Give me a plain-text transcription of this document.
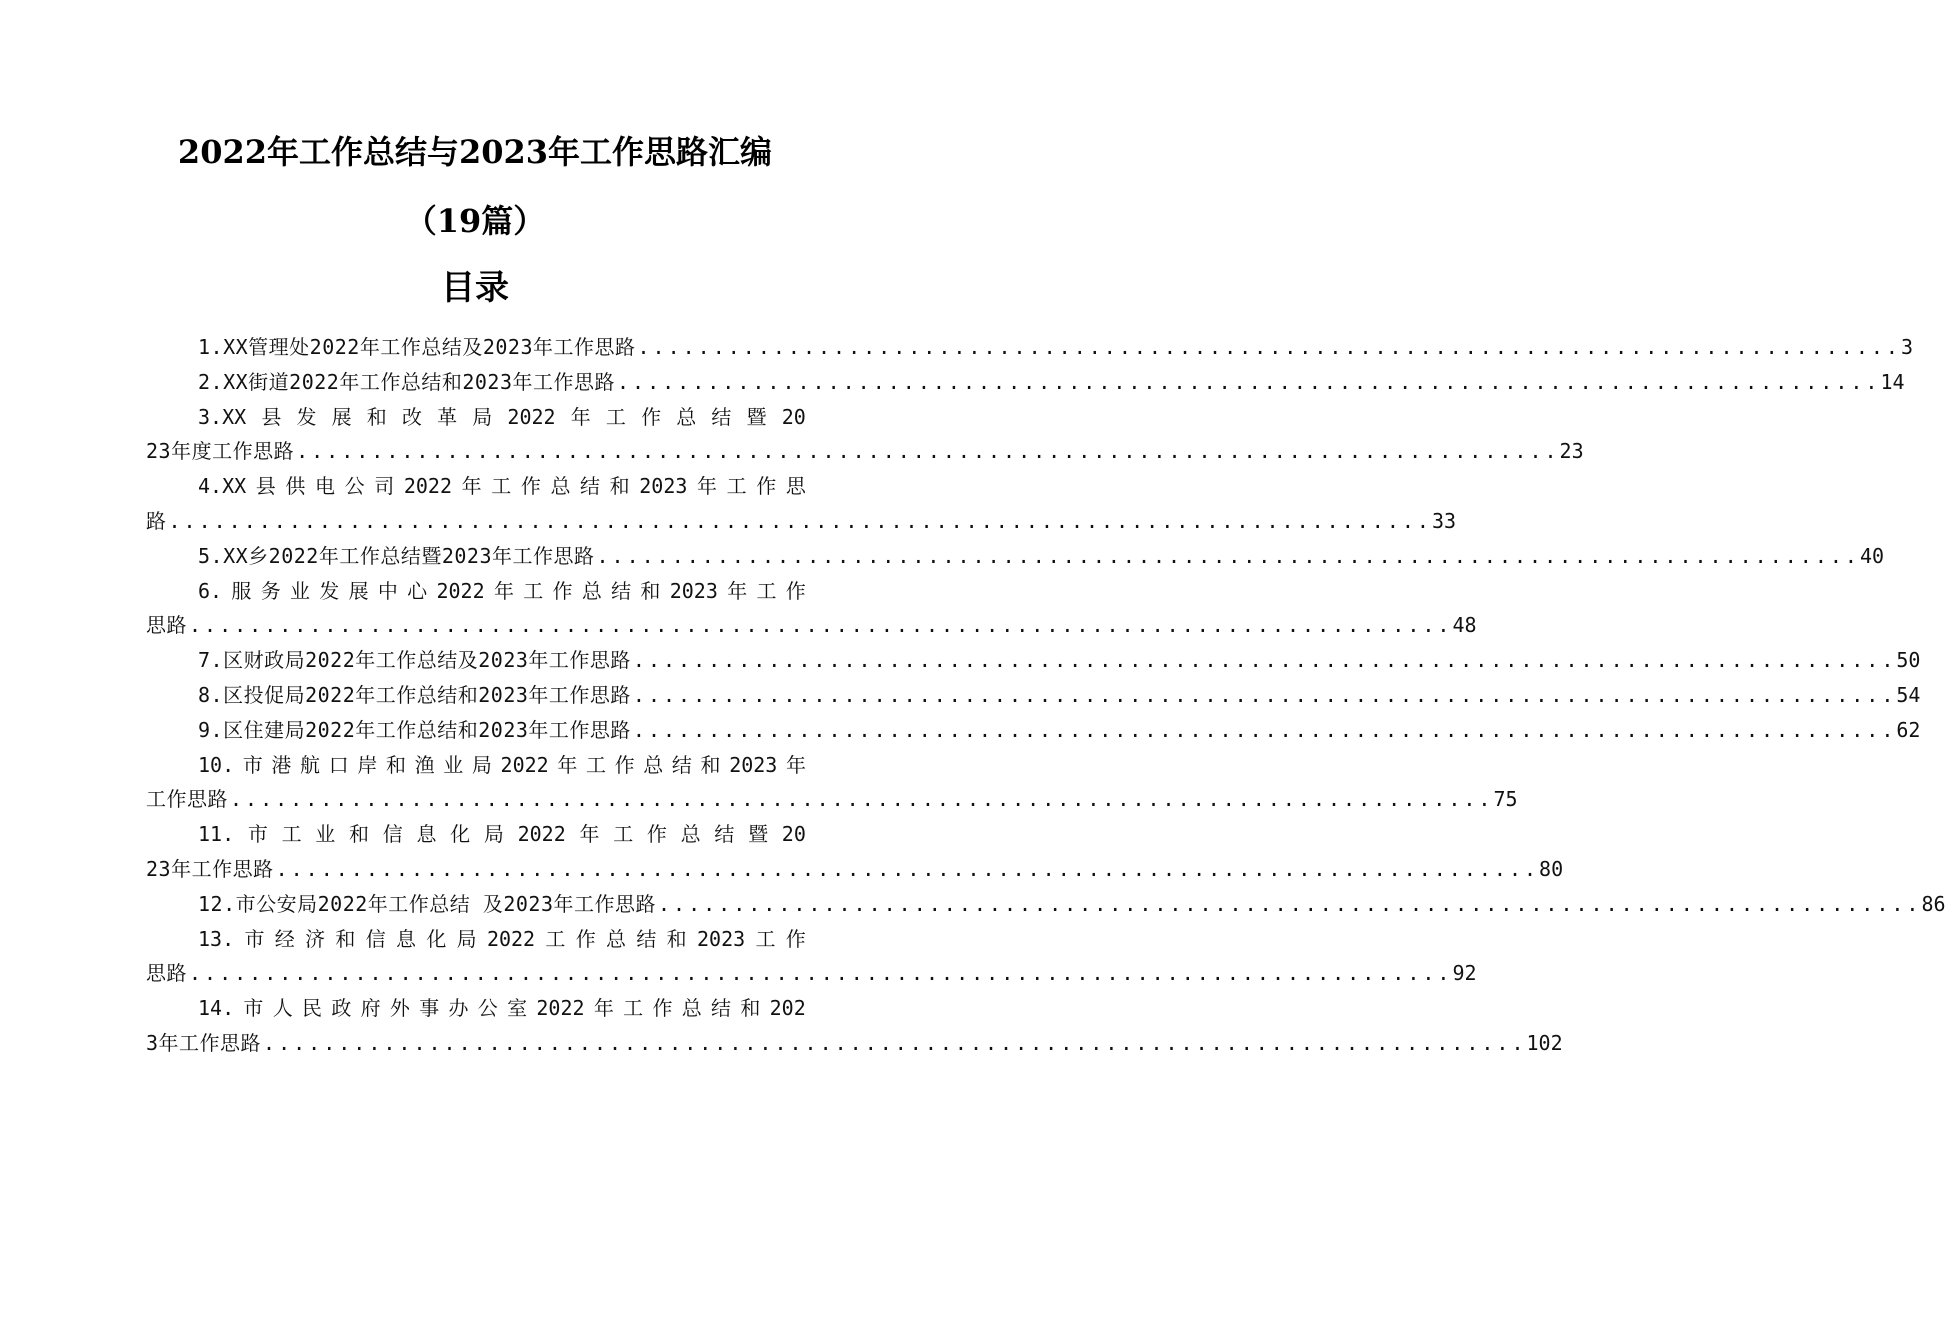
2022年工作总结与2023年工作思路汇编
（19篇）
目录
1.XX管理处2022年工作总结及2023年工作思路 .................................................................................... 3
2.XX街道2022年工作总结和2023年工作思路 .................................................................................... 14
3.XX 县 发 展 和 改 革 局 2022 年 工 作 总 结 暨 20
23年度工作思路 .................................................................................... 23
4.XX 县 供 电 公 司 2022 年 工 作 总 结 和 2023 年 工 作 思
路 .................................................................................... 33
5.XX乡2022年工作总结暨2023年工作思路 .................................................................................... 40
6. 服 务 业 发 展 中 心 2022 年 工 作 总 结 和 2023 年 工 作
思路 .................................................................................... 48
7.区财政局2022年工作总结及2023年工作思路 .................................................................................... 50
8.区投促局2022年工作总结和2023年工作思路 .................................................................................... 54
9.区住建局2022年工作总结和2023年工作思路 .................................................................................... 62
10. 市 港 航 口 岸 和 渔 业 局 2022 年 工 作 总 结 和 2023 年
工作思路 .................................................................................... 75
11. 市 工 业 和 信 息 化 局 2022 年 工 作 总 结 暨 20
23年工作思路 .................................................................................... 80
12.市公安局2022年工作总结 及2023年工作思路 .................................................................................... 86
13. 市 经 济 和 信 息 化 局 2022 工 作 总 结 和 2023 工 作
思路 .................................................................................... 92
14. 市 人 民 政 府 外 事 办 公 室 2022 年 工 作 总 结 和 202
3年工作思路 .................................................................................... 102
